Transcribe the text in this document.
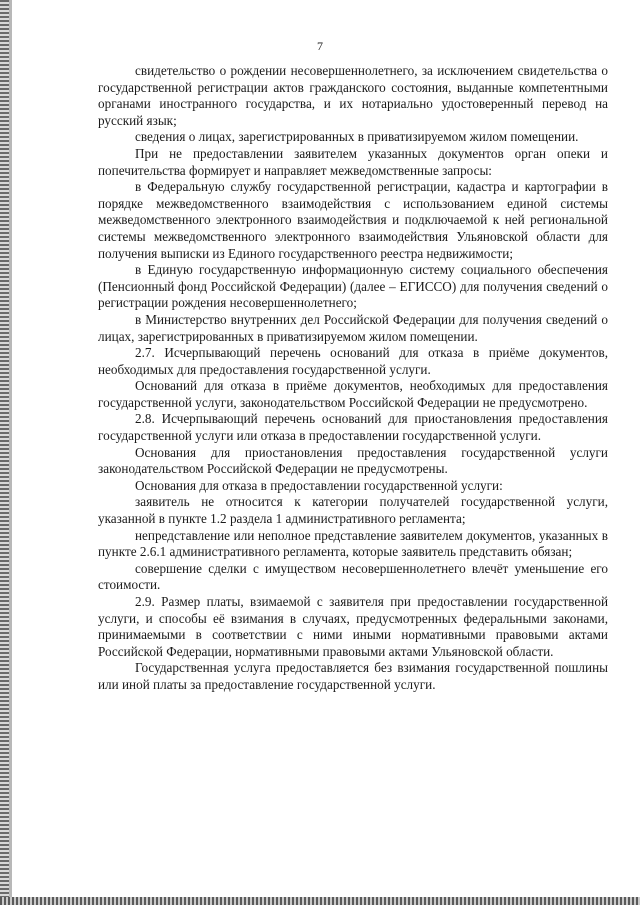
7

свидетельство о рождении несовершеннолетнего, за исключением свидетельства о государственной регистрации актов гражданского состояния, выданные компетентными органами иностранного государства, и их нотариально удостоверенный перевод на русский язык;

сведения о лицах, зарегистрированных в приватизируемом жилом помещении.

При не предоставлении заявителем указанных документов орган опеки и попечительства формирует и направляет межведомственные запросы:

в Федеральную службу государственной регистрации, кадастра и картографии в порядке межведомственного взаимодействия с использованием единой системы межведомственного электронного взаимодействия и подключаемой к ней региональной системы межведомственного электронного взаимодействия Ульяновской области для получения выписки из Единого государственного реестра недвижимости;

в Единую государственную информационную систему социального обеспечения (Пенсионный фонд Российской Федерации) (далее – ЕГИССО) для получения сведений о регистрации рождения несовершеннолетнего;

в Министерство внутренних дел Российской Федерации для получения сведений о лицах, зарегистрированных в приватизируемом жилом помещении.

2.7. Исчерпывающий перечень оснований для отказа в приёме документов, необходимых для предоставления государственной услуги.

Оснований для отказа в приёме документов, необходимых для предоставления государственной услуги, законодательством Российской Федерации не предусмотрено.

2.8. Исчерпывающий перечень оснований для приостановления предоставления государственной услуги или отказа в предоставлении государственной услуги.

Основания для приостановления предоставления государственной услуги законодательством Российской Федерации не предусмотрены.

Основания для отказа в предоставлении государственной услуги:

заявитель не относится к категории получателей государственной услуги, указанной в пункте 1.2 раздела 1 административного регламента;

непредставление или неполное представление заявителем документов, указанных в пункте 2.6.1 административного регламента, которые заявитель представить обязан;

совершение сделки с имуществом несовершеннолетнего влечёт уменьшение его стоимости.

2.9. Размер платы, взимаемой с заявителя при предоставлении государственной услуги, и способы её взимания в случаях, предусмотренных федеральными законами, принимаемыми в соответствии с ними иными нормативными правовыми актами Российской Федерации, нормативными правовыми актами Ульяновской области.

Государственная услуга предоставляется без взимания государственной пошлины или иной платы за предоставление государственной услуги.
